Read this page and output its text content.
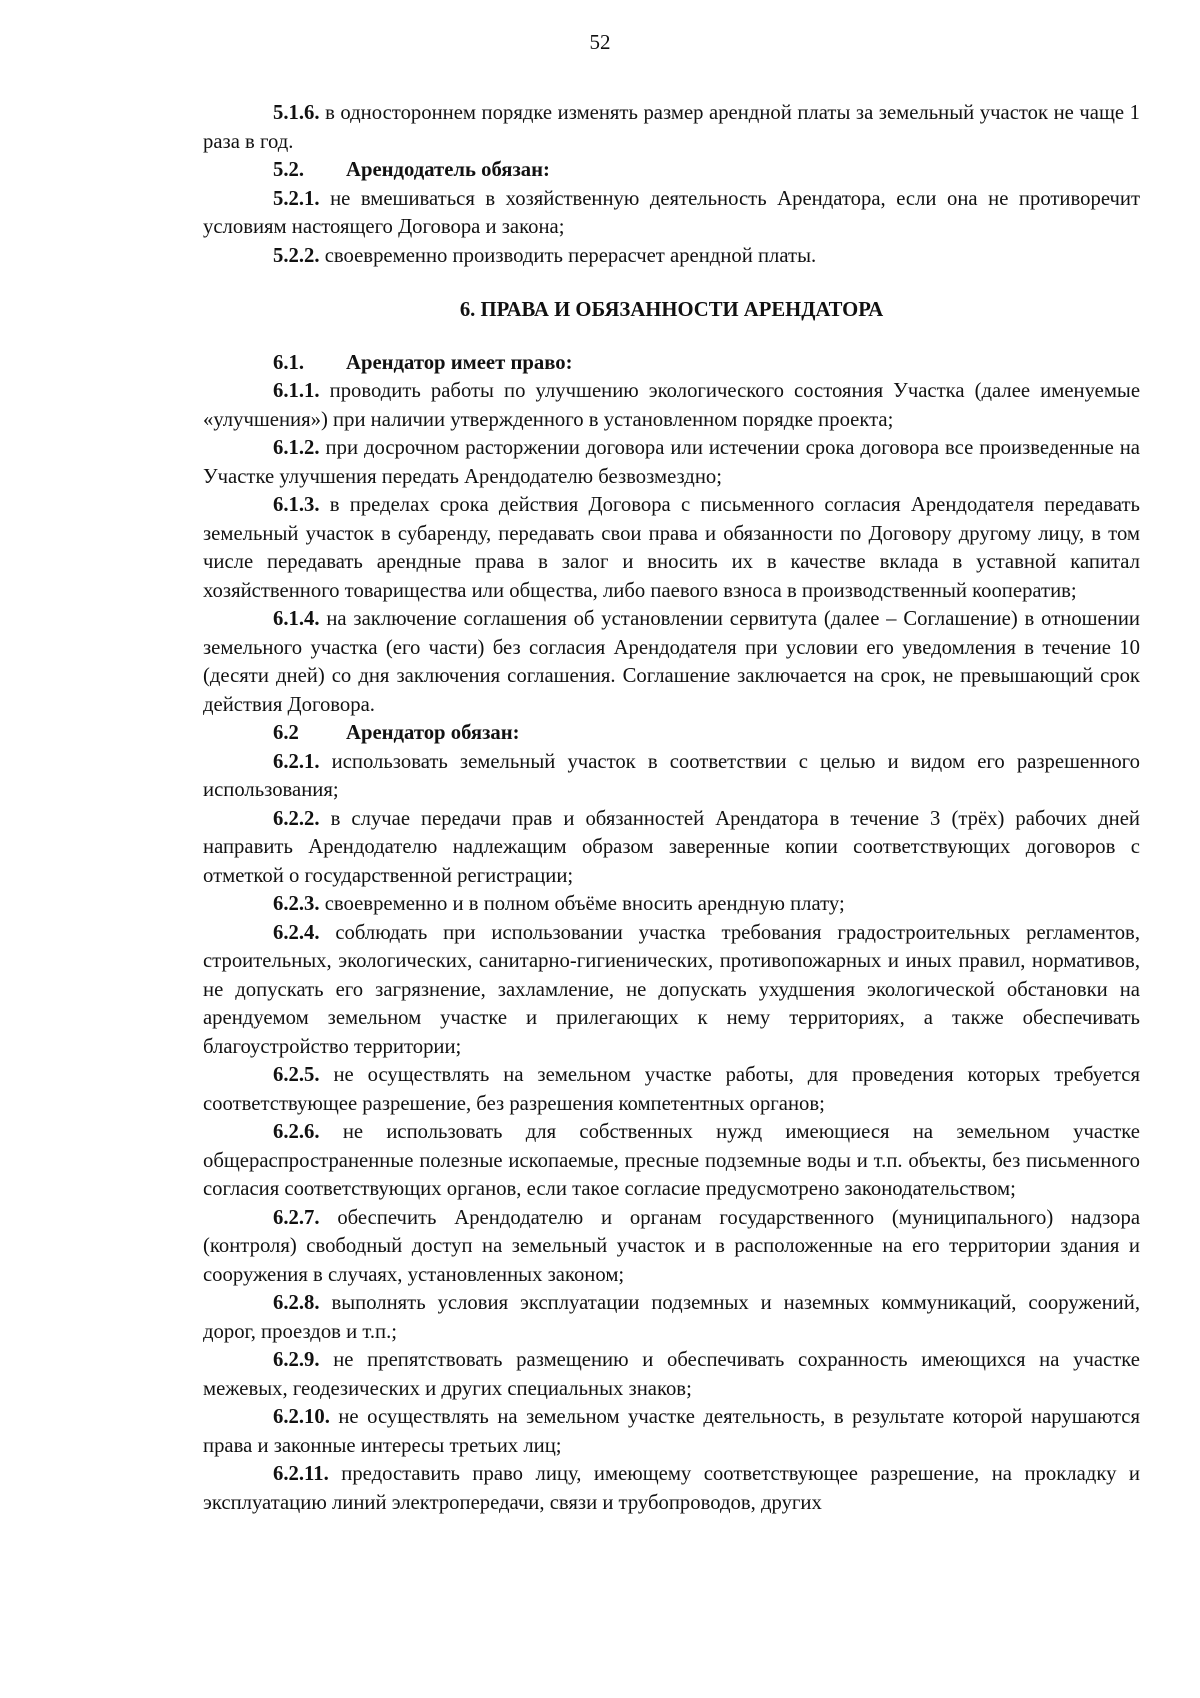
52

5.1.6. в одностороннем порядке изменять размер арендной платы за земельный участок не чаще 1 раза в год.

5.2. Арендодатель обязан:

5.2.1. не вмешиваться в хозяйственную деятельность Арендатора, если она не противоречит условиям настоящего Договора и закона;

5.2.2. своевременно производить перерасчет арендной платы.

6. ПРАВА И ОБЯЗАННОСТИ АРЕНДАТОРА
6.1. Арендатор имеет право:

6.1.1. проводить работы по улучшению экологического состояния Участка (далее именуемые «улучшения») при наличии утвержденного в установленном порядке проекта;

6.1.2. при досрочном расторжении договора или истечении срока договора все произведенные на Участке улучшения передать Арендодателю безвозмездно;

6.1.3. в пределах срока действия Договора с письменного согласия Арендодателя передавать земельный участок в субаренду, передавать свои права и обязанности по Договору другому лицу, в том числе передавать арендные права в залог и вносить их в качестве вклада в уставной капитал хозяйственного товарищества или общества, либо паевого взноса в производственный кооператив;

6.1.4. на заключение соглашения об установлении сервитута (далее – Соглашение) в отношении земельного участка (его части) без согласия Арендодателя при условии его уведомления в течение 10 (десяти дней) со дня заключения соглашения. Соглашение заключается на срок, не превышающий срок действия Договора.

6.2 Арендатор обязан:

6.2.1. использовать земельный участок в соответствии с целью и видом его разрешенного использования;

6.2.2. в случае передачи прав и обязанностей Арендатора в течение 3 (трёх) рабочих дней направить Арендодателю надлежащим образом заверенные копии соответствующих договоров с отметкой о государственной регистрации;

6.2.3. своевременно и в полном объёме вносить арендную плату;

6.2.4. соблюдать при использовании участка требования градостроительных регламентов, строительных, экологических, санитарно-гигиенических, противопожарных и иных правил, нормативов, не допускать его загрязнение, захламление, не допускать ухудшения экологической обстановки на арендуемом земельном участке и прилегающих к нему территориях, а также обеспечивать благоустройство территории;

6.2.5. не осуществлять на земельном участке работы, для проведения которых требуется соответствующее разрешение, без разрешения компетентных органов;

6.2.6. не использовать для собственных нужд имеющиеся на земельном участке общераспространенные полезные ископаемые, пресные подземные воды и т.п. объекты, без письменного согласия соответствующих органов, если такое согласие предусмотрено законодательством;

6.2.7. обеспечить Арендодателю и органам государственного (муниципального) надзора (контроля) свободный доступ на земельный участок и в расположенные на его территории здания и сооружения в случаях, установленных законом;

6.2.8. выполнять условия эксплуатации подземных и наземных коммуникаций, сооружений, дорог, проездов и т.п.;

6.2.9. не препятствовать размещению и обеспечивать сохранность имеющихся на участке межевых, геодезических и других специальных знаков;

6.2.10. не осуществлять на земельном участке деятельность, в результате которой нарушаются права и законные интересы третьих лиц;

6.2.11. предоставить право лицу, имеющему соответствующее разрешение, на прокладку и эксплуатацию линий электропередачи, связи и трубопроводов, других
